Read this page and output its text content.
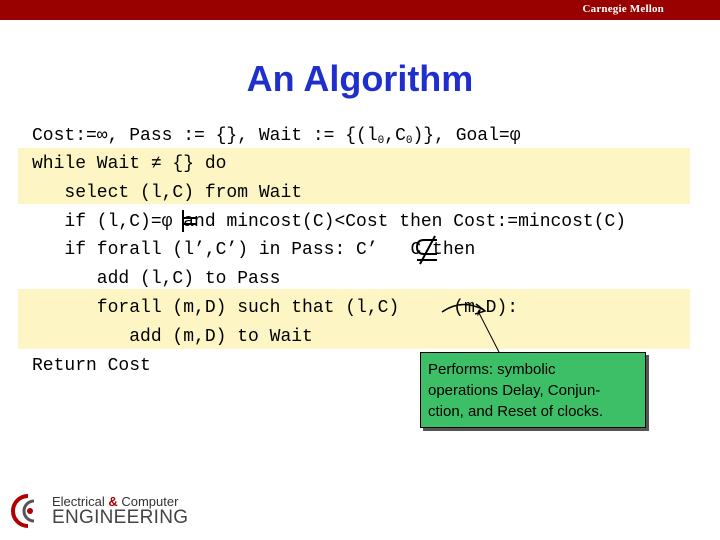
Carnegie Mellon
An Algorithm
Cost:=∞, Pass := {}, Wait := $\{(l_0,C_0)\}$, Goal=φ
while Wait ≠ {} do
select (l,C) from Wait
if (l,C)=φ and mincost(C)<Cost then Cost:=mincost(C)
if forall (l’,C’) in Pass: C’ C then
add (l,C) to Pass
forall (m,D) such that (l,C)	(m,D):
add (m,D) to Wait
Return Cost	Performs: symbolic
operations Delay, Conjun-
ction, and Reset of clocks.
Electrical & Computer
ENGINEERING
